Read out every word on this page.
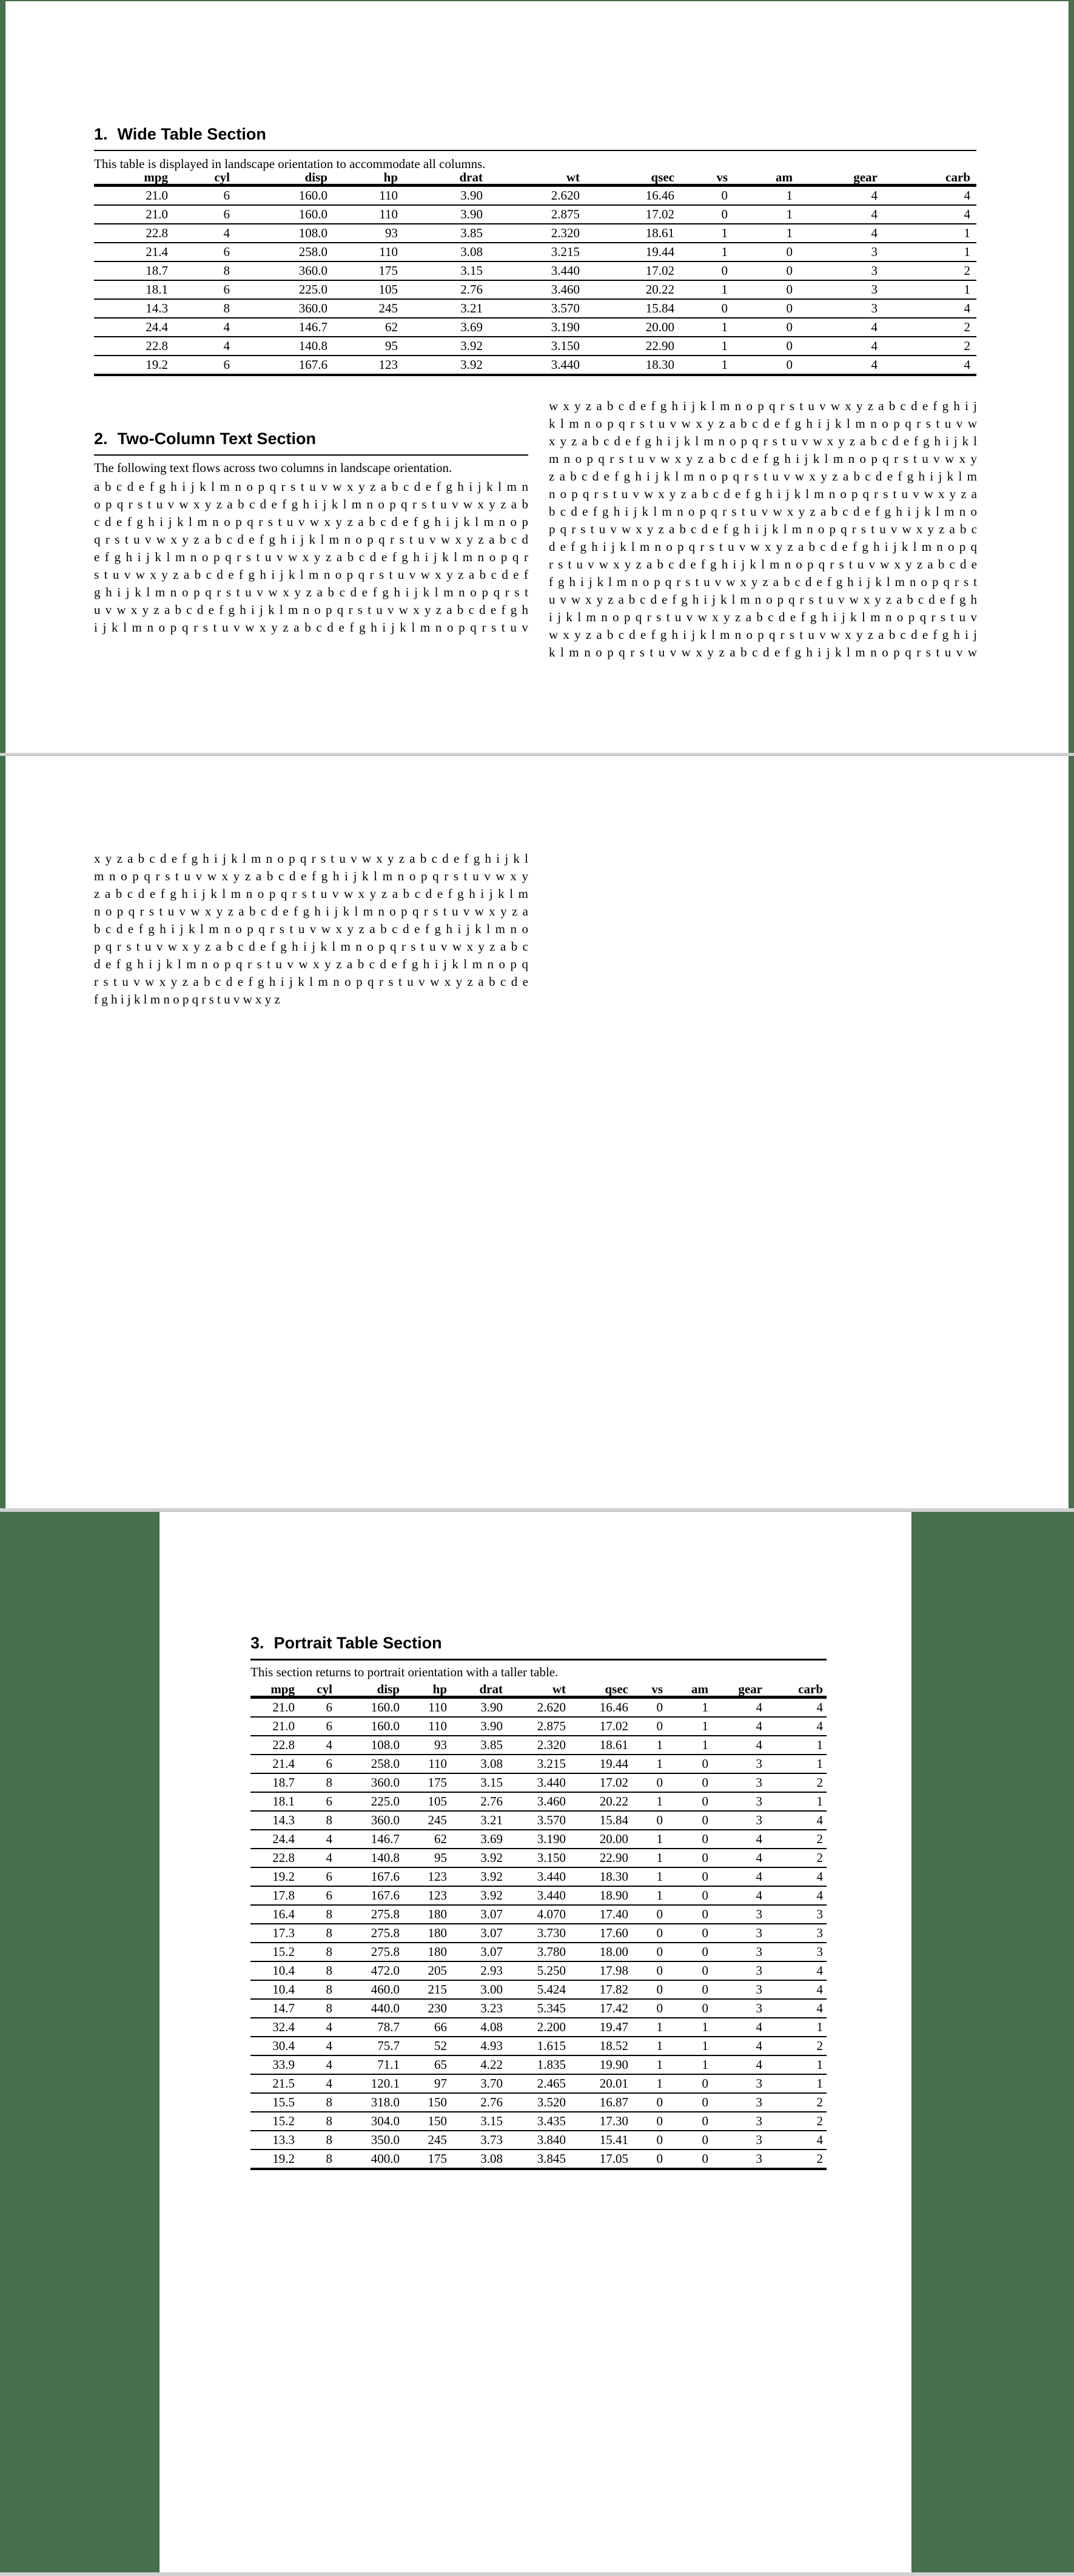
1. Wide Table Section

This table is displayed in landscape orientation to accommodate all columns.

mpg	cyl	disp	hp	drat	wt	qsec	vs	am	gear	carb
21.0	6	160.0	110	3.90	2.620	16.46	0	1	4	4
21.0	6	160.0	110	3.90	2.875	17.02	0	1	4	4
22.8	4	108.0	93	3.85	2.320	18.61	1	1	4	1
21.4	6	258.0	110	3.08	3.215	19.44	1	0	3	1
18.7	8	360.0	175	3.15	3.440	17.02	0	0	3	2
18.1	6	225.0	105	2.76	3.460	20.22	1	0	3	1
14.3	8	360.0	245	3.21	3.570	15.84	0	0	3	4
24.4	4	146.7	62	3.69	3.190	20.00	1	0	4	2
22.8	4	140.8	95	3.92	3.150	22.90	1	0	4	2
19.2	6	167.6	123	3.92	3.440	18.30	1	0	4	4
2. Two-Column Text Section

The following text flows across two columns in landscape orientation.

a b c d e f g h i j k l m n o p q r s t u v w x y z a b c d e f g h i j k l m n
o p q r s t u v w x y z a b c d e f g h i j k l m n o p q r s t u v w x y z a b
c d e f g h i j k l m n o p q r s t u v w x y z a b c d e f g h i j k l m n o p
q r s t u v w x y z a b c d e f g h i j k l m n o p q r s t u v w x y z a b c d
e f g h i j k l m n o p q r s t u v w x y z a b c d e f g h i j k l m n o p q r
s t u v w x y z a b c d e f g h i j k l m n o p q r s t u v w x y z a b c d e f
g h i j k l m n o p q r s t u v w x y z a b c d e f g h i j k l m n o p q r s t
u v w x y z a b c d e f g h i j k l m n o p q r s t u v w x y z a b c d e f g h
i j k l m n o p q r s t u v w x y z a b c d e f g h i j k l m n o p q r s t u v
w x y z a b c d e f g h i j k l m n o p q r s t u v w x y z a b c d e f g h i j
k l m n o p q r s t u v w x y z a b c d e f g h i j k l m n o p q r s t u v w
x y z a b c d e f g h i j k l m n o p q r s t u v w x y z a b c d e f g h i j k l
m n o p q r s t u v w x y z a b c d e f g h i j k l m n o p q r s t u v w x y
z a b c d e f g h i j k l m n o p q r s t u v w x y z a b c d e f g h i j k l m
n o p q r s t u v w x y z a b c d e f g h i j k l m n o p q r s t u v w x y z a
b c d e f g h i j k l m n o p q r s t u v w x y z a b c d e f g h i j k l m n o
p q r s t u v w x y z a b c d e f g h i j k l m n o p q r s t u v w x y z a b c
d e f g h i j k l m n o p q r s t u v w x y z a b c d e f g h i j k l m n o p q
r s t u v w x y z a b c d e f g h i j k l m n o p q r s t u v w x y z a b c d e
f g h i j k l m n o p q r s t u v w x y z a b c d e f g h i j k l m n o p q r s t
u v w x y z a b c d e f g h i j k l m n o p q r s t u v w x y z a b c d e f g h
i j k l m n o p q r s t u v w x y z a b c d e f g h i j k l m n o p q r s t u v
w x y z a b c d e f g h i j k l m n o p q r s t u v w x y z a b c d e f g h i j
k l m n o p q r s t u v w x y z a b c d e f g h i j k l m n o p q r s t u v w
x y z a b c d e f g h i j k l m n o p q r s t u v w x y z a b c d e f g h i j k l
m n o p q r s t u v w x y z a b c d e f g h i j k l m n o p q r s t u v w x y
z a b c d e f g h i j k l m n o p q r s t u v w x y z a b c d e f g h i j k l m
n o p q r s t u v w x y z a b c d e f g h i j k l m n o p q r s t u v w x y z a
b c d e f g h i j k l m n o p q r s t u v w x y z a b c d e f g h i j k l m n o
p q r s t u v w x y z a b c d e f g h i j k l m n o p q r s t u v w x y z a b c
d e f g h i j k l m n o p q r s t u v w x y z a b c d e f g h i j k l m n o p q
r s t u v w x y z a b c d e f g h i j k l m n o p q r s t u v w x y z a b c d e
f g h i j k l m n o p q r s t u v w x y z
3. Portrait Table Section

This section returns to portrait orientation with a taller table.

mpg	cyl	disp	hp	drat	wt	qsec	vs	am	gear	carb
21.0	6	160.0	110	3.90	2.620	16.46	0	1	4	4
21.0	6	160.0	110	3.90	2.875	17.02	0	1	4	4
22.8	4	108.0	93	3.85	2.320	18.61	1	1	4	1
21.4	6	258.0	110	3.08	3.215	19.44	1	0	3	1
18.7	8	360.0	175	3.15	3.440	17.02	0	0	3	2
18.1	6	225.0	105	2.76	3.460	20.22	1	0	3	1
14.3	8	360.0	245	3.21	3.570	15.84	0	0	3	4
24.4	4	146.7	62	3.69	3.190	20.00	1	0	4	2
22.8	4	140.8	95	3.92	3.150	22.90	1	0	4	2
19.2	6	167.6	123	3.92	3.440	18.30	1	0	4	4
17.8	6	167.6	123	3.92	3.440	18.90	1	0	4	4
16.4	8	275.8	180	3.07	4.070	17.40	0	0	3	3
17.3	8	275.8	180	3.07	3.730	17.60	0	0	3	3
15.2	8	275.8	180	3.07	3.780	18.00	0	0	3	3
10.4	8	472.0	205	2.93	5.250	17.98	0	0	3	4
10.4	8	460.0	215	3.00	5.424	17.82	0	0	3	4
14.7	8	440.0	230	3.23	5.345	17.42	0	0	3	4
32.4	4	78.7	66	4.08	2.200	19.47	1	1	4	1
30.4	4	75.7	52	4.93	1.615	18.52	1	1	4	2
33.9	4	71.1	65	4.22	1.835	19.90	1	1	4	1
21.5	4	120.1	97	3.70	2.465	20.01	1	0	3	1
15.5	8	318.0	150	2.76	3.520	16.87	0	0	3	2
15.2	8	304.0	150	3.15	3.435	17.30	0	0	3	2
13.3	8	350.0	245	3.73	3.840	15.41	0	0	3	4
19.2	8	400.0	175	3.08	3.845	17.05	0	0	3	2
